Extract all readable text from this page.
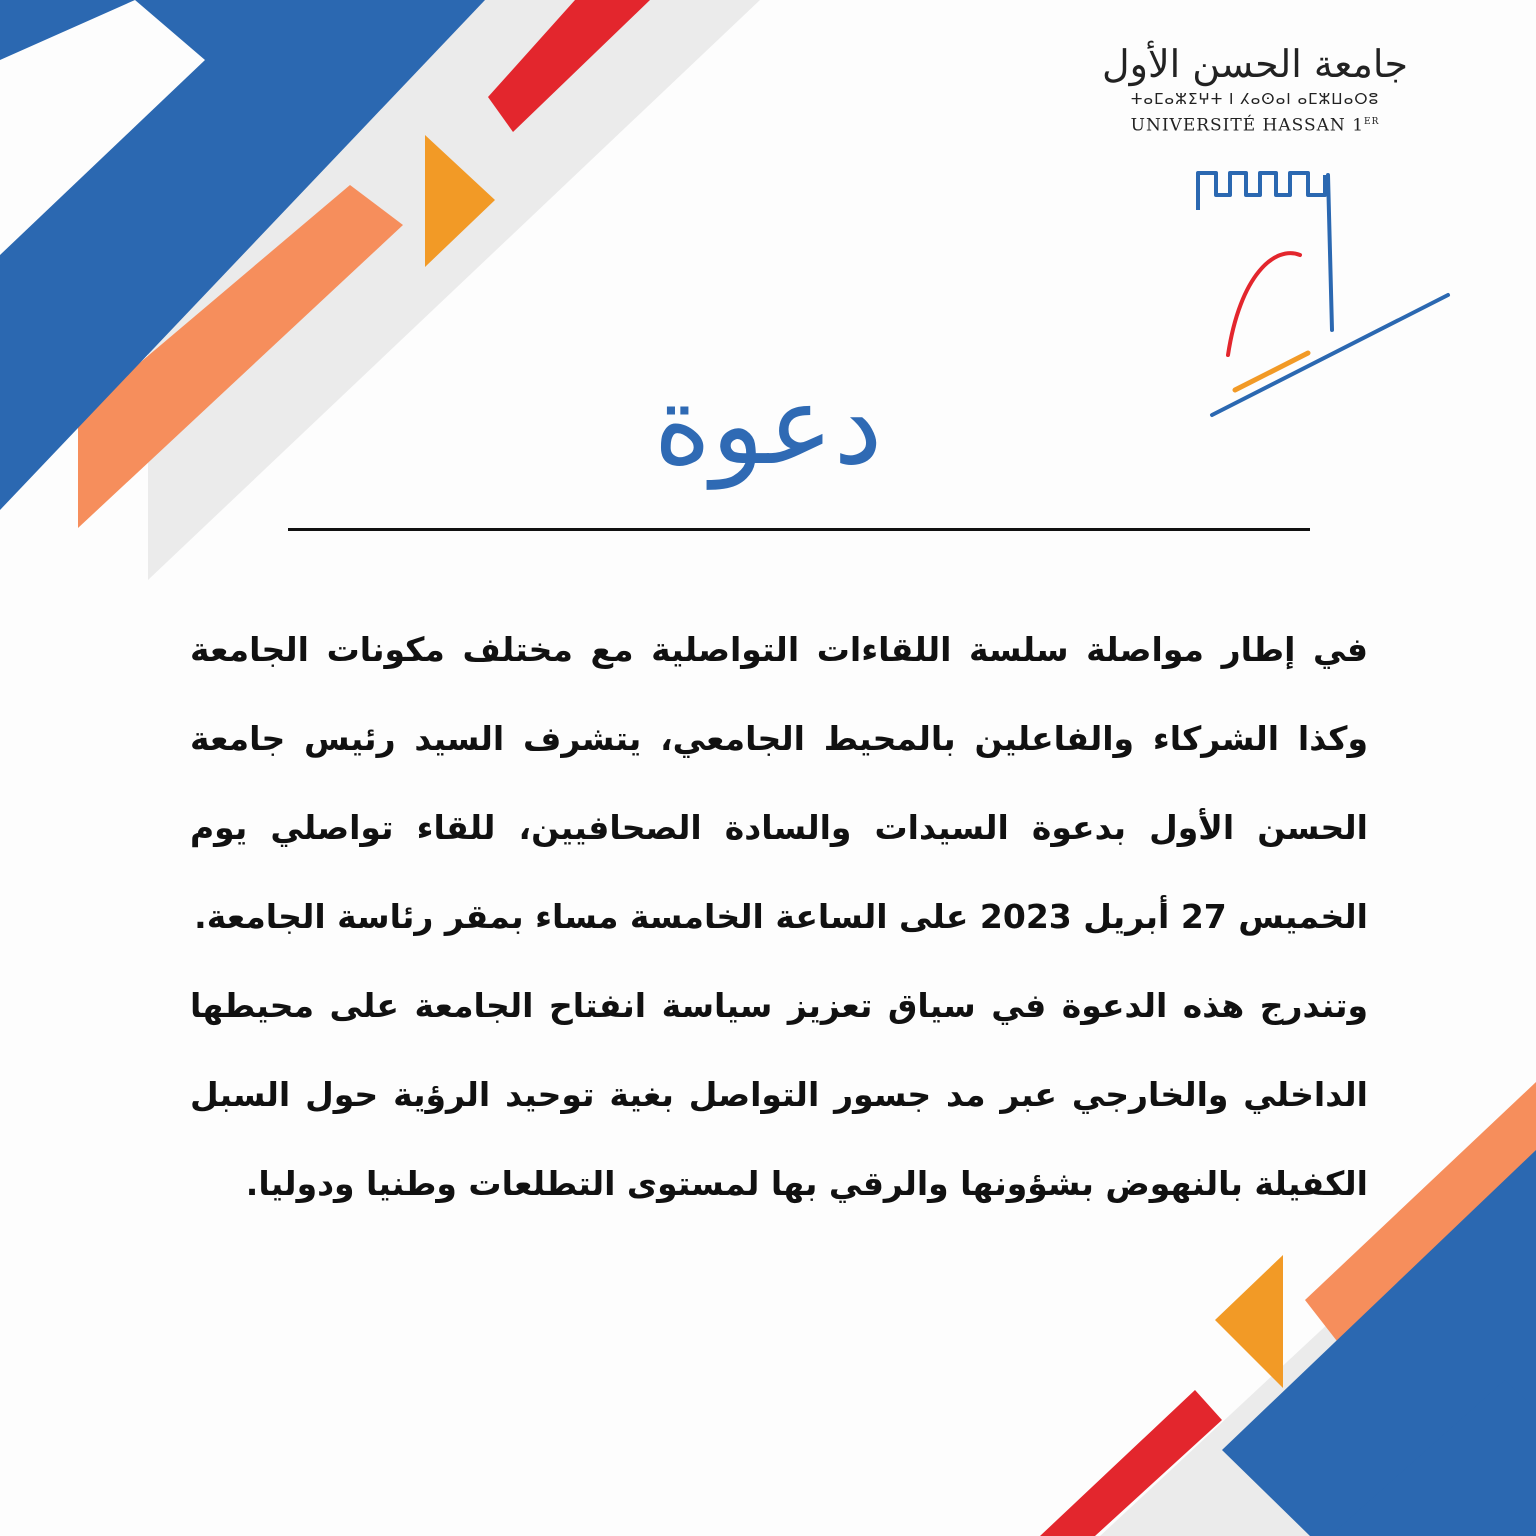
جامعة الحسن الأول
ⵜⴰⵎⴰⵣⵉⵖⵜ ⵏ ⵃⴰⵙⴰⵏ ⴰⵎⵣⵡⴰⵔⵓ
UNIVERSITÉ HASSAN 1ER
دعوة

في إطار مواصلة سلسة اللقاءات التواصلية مع مختلف مكونات الجامعة وكذا الشركاء والفاعلين بالمحيط الجامعي، يتشرف السيد رئيس جامعة الحسن الأول بدعوة السيدات والسادة الصحافيين، للقاء تواصلي يوم الخميس 27 أبريل 2023 على الساعة الخامسة مساء بمقر رئاسة الجامعة.

وتندرج هذه الدعوة في سياق تعزيز سياسة انفتاح الجامعة على محيطها الداخلي والخارجي عبر مد جسور التواصل بغية توحيد الرؤية حول السبل الكفيلة بالنهوض بشؤونها والرقي بها لمستوى التطلعات وطنيا ودوليا.
